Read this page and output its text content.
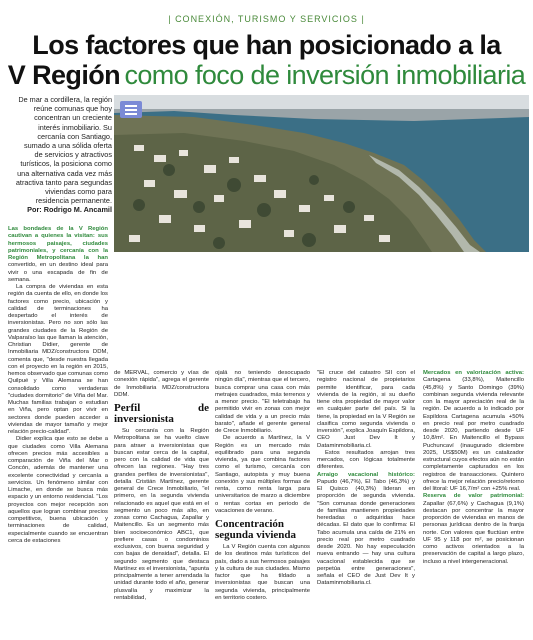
| CONEXIÓN, TURISMO Y SERVICIOS |
Los factores que han posicionado a la
V Región como foco de inversión inmobiliaria
De mar a cordillera, la región reúne comunas que hoy concentran un creciente interés inmobiliario. Su cercanía con Santiago, sumado a una sólida oferta de servicios y atractivos turísticos, la posiciona como una alternativa cada vez más atractiva tanto para segundas viviendas como para residencia permanente.
Por: Rodrigo M. Ancamil

Las bondades de la V Región cautivan a quienes la visitan: sus hermosos paisajes, ciudades patrimoniales, y cercanía con la Región Metropolitana la han convertido, en un destino ideal para vivir o una escapada de fin de semana.

La compra de viviendas en esta región da cuenta de ello, en donde los factores como precio, ubicación y calidad de terminaciones ha despertado el interés de inversionistas. Pero no son sólo las grandes ciudades de la Región de Valparaíso las que llaman la atención, Christian Didier, gerente de Inmobiliaria MDZ/constructora DDM, comenta que, "desde nuestra llegada con el proyecto en la región en 2015, hemos observado que comunas como Quilpué y Villa Alemana se han consolidado como verdaderas "ciudades dormitorio" de Viña del Mar. Muchas familias trabajan o estudian en Viña, pero optan por vivir en sectores donde pueden acceder a viviendas de mayor tamaño y mejor relación precio-calidad".

Didier explica que esto se debe a que ciudades como Villa Alemana ofrecen precios más accesibles a comparación de Viña del Mar o Concón, además de mantener una excelente conectividad y cercanía a servicios. Un fenómeno similar con Limache, en donde se busca más espacio y un entorno residencial. "Los proyectos con mejor recepción son aquellos que logran combinar precios competitivos, buena ubicación y terminaciones de calidad, especialmente cuando se encuentran cerca de estaciones

de MERVAL, comercio y vías de conexión rápida", agrega el gerente de Inmobiliaria MDZ/constructora DDM.

Perfil de inversionista

Su cercanía con la Región Metropolitana se ha vuelto clave para atraer a inversionistas que buscan estar cerca de la capital, pero con la calidad de vida que ofrecen las regiones. "Hay tres grandes perfiles de inversionistas", detalla Cristián Martínez, gerente general de Crece Inmobiliario, "el primero, en la segunda vivienda relacionado es aquel que está en el segmento un poco más alto, en zonas como Cachagua, Zapallar y Maitencillo. Es un segmento más bien socioeconómico ABC1, que prefiere casas o condominios exclusivos, con buena seguridad y con bajas de densidad", detalla. El segundo segmento que destaca Martínez es el inversionista, "apunta principalmente a tener arrendada la unidad durante todo el año, generar plusvalía y maximizar la rentabilidad,

ojalá no teniendo desocupado ningún día", mientras que el tercero, busca comprar una casa con más metrajes cuadrados, más terrenos y a menor precio. "El teletrabajo ha permitido vivir en zonas con mejor calidad de vida y a un precio más barato", añade el gerente general de Crece Inmobiliario.

De acuerdo a Martínez, la V Región es un mercado más equilibrado para una segunda vivienda, ya que combina factores como el turismo, cercanía con Santiago, autopista y muy buena conexión y sus múltiples formas de renta, como renta larga para universitarios de marzo a diciembre o rentas cortas en periodo de vacaciones de verano.

Concentración segunda vivienda

La V Región cuenta con algunos de los destinos más turísticos del país, dado a sus hermosos paisajes y la cultura de sus ciudades. Mismo factor que ha tildado a inversionistas que buscan una segunda vivienda, principalmente en territorio costero.

"El cruce del catastro SII con el registro nacional de propietarios permite identificar, para cada vivienda de la región, si su dueño tiene otra propiedad de mayor valor en cualquier parte del país. Si la tiene, la propiedad en la V Región se clasifica como segunda vivienda o inversión", explica Joaquín Espildora, CEO Just Dev It y Dataminmobiliaria.cl.

Estos resultados arrojan tres mercados, con lógicas totalmente diferentes.

Arraigo vacacional histórico: Papudo (46,7%), El Tabo (46,3%) y El Quisco (40,3%) lideran en proporción de segunda vivienda. "Son comunas donde generaciones de familias mantienen propiedades heredadas o adquiridas hace décadas. El dato que lo confirma: El Tabo acumula una caída de 21% en precio real por metro cuadrado desde 2020. No hay especulación nueva entrando — hay una cultura vacacional establecida que se perpetúa entre generaciones", señala el CEO de Just Dev It y Dataminmobiliaria.cl.

Mercados en valorización activa: Cartagena (33,8%), Maitencillo (45,8%) y Santo Domingo (39%) combinan segunda vivienda relevante con la mayor apreciación real de la región. De acuerdo a lo indicado por Espildora Cartagena acumula +50% en precio real por metro cuadrado desde 2020, partiendo desde UF 10,8/m². En Maitencillo el Bypass Puchuncaví (inaugurado diciembre 2025, US$50M) es un catalizador estructural cuyos efectos aún no están completamente capturados en los registros de transacciones. Quintero ofrece la mejor relación precio/retorno del litoral: UF 16,7/m² con +25% real.

Reserva de valor patrimonial: Zapallar (67,6%) y Cachagua (9,1%) destacan por concentrar la mayor proporción de viviendas en manos de personas jurídicas dentro de la franja norte. Con valores que fluctúan entre UF 95 y 118 por m², se posicionan como activos orientados a la preservación de capital a largo plazo, incluso a nivel intergeneracional.
